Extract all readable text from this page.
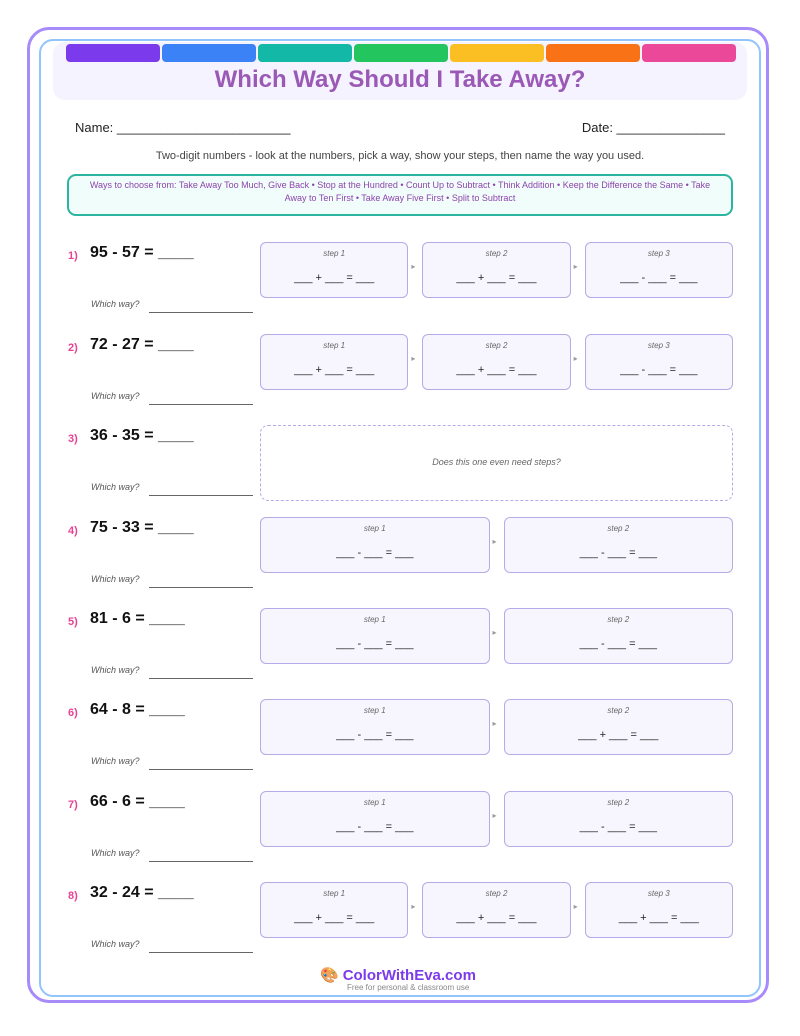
Which Way Should I Take Away?
Name: ________________________	Date: _______________
Two-digit numbers - look at the numbers, pick a way, show your steps, then name the way you used.
Ways to choose from: Take Away Too Much, Give Back • Stop at the Hundred • Count Up to Subtract • Think Addition • Keep the Difference the Same • Take Away to Ten First • Take Away Five First • Split to Subtract
1) 95 - 57 = ____
Which way?
step 1
___ + ___ = ___
▸
step 2
___ + ___ = ___
▸
step 3
___ - ___ = ___
2) 72 - 27 = ____
Which way?
step 1
___ + ___ = ___
▸
step 2
___ + ___ = ___
▸
step 3
___ - ___ = ___
3) 36 - 35 = ____
Which way?
Does this one even need steps?
4) 75 - 33 = ____
Which way?
step 1
___ - ___ = ___
▸
step 2
___ - ___ = ___
5) 81 - 6 = ____
Which way?
step 1
___ - ___ = ___
▸
step 2
___ - ___ = ___
6) 64 - 8 = ____
Which way?
step 1
___ - ___ = ___
▸
step 2
___ + ___ = ___
7) 66 - 6 = ____
Which way?
step 1
___ - ___ = ___
▸
step 2
___ - ___ = ___
8) 32 - 24 = ____
Which way?
step 1
___ + ___ = ___
▸
step 2
___ + ___ = ___
▸
step 3
___ + ___ = ___
🎨 ColorWithEva.com
Free for personal & classroom use
